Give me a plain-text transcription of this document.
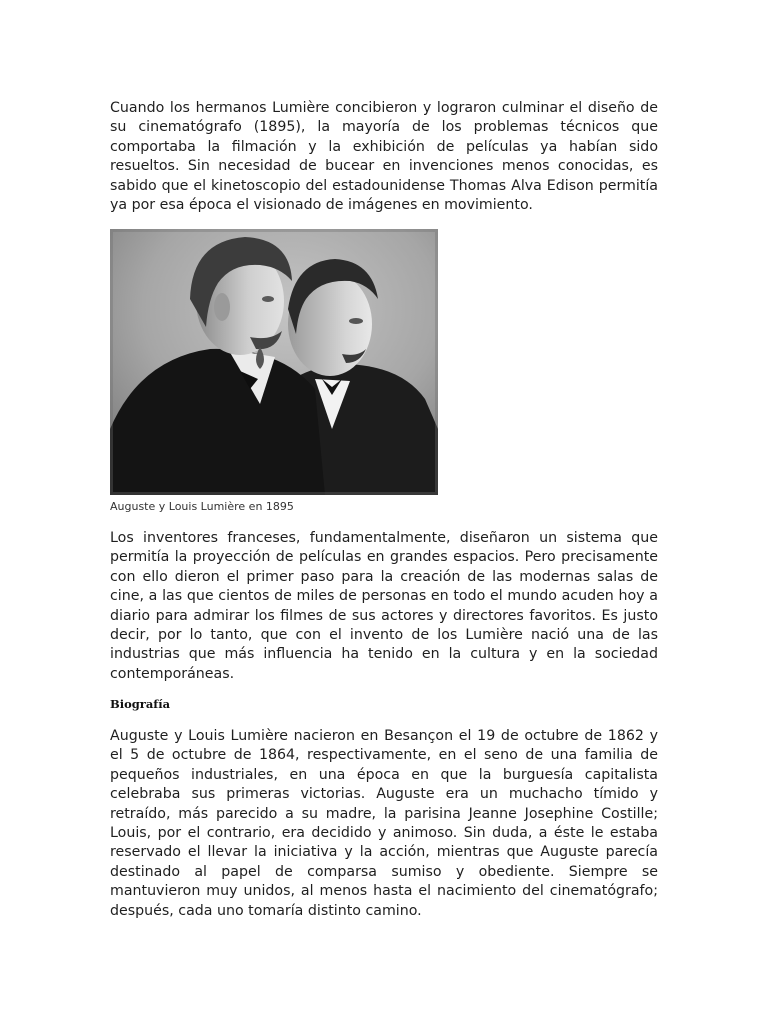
Cuando los hermanos Lumière concibieron y lograron culminar el diseño de su cinematógrafo (1895), la mayoría de los problemas técnicos que comportaba la filmación y la exhibición de películas ya habían sido resueltos. Sin necesidad de bucear en invenciones menos conocidas, es sabido que el kinetoscopio del estadounidense Thomas Alva Edison permitía ya por esa época el visionado de imágenes en movimiento.

Auguste y Louis Lumière en 1895

Los inventores franceses, fundamentalmente, diseñaron un sistema que permitía la proyección de películas en grandes espacios. Pero precisamente con ello dieron el primer paso para la creación de las modernas salas de cine, a las que cientos de miles de personas en todo el mundo acuden hoy a diario para admirar los filmes de sus actores y directores favoritos. Es justo decir, por lo tanto, que con el invento de los Lumière nació una de las industrias que más influencia ha tenido en la cultura y en la sociedad contemporáneas.

Biografía

Auguste y Louis Lumière nacieron en Besançon el 19 de octubre de 1862 y el 5 de octubre de 1864, respectivamente, en el seno de una familia de pequeños industriales, en una época en que la burguesía capitalista celebraba sus primeras victorias. Auguste era un muchacho tímido y retraído, más parecido a su madre, la parisina Jeanne Josephine Costille; Louis, por el contrario, era decidido y animoso. Sin duda, a éste le estaba reservado el llevar la iniciativa y la acción, mientras que Auguste parecía destinado al papel de comparsa sumiso y obediente. Siempre se mantuvieron muy unidos, al menos hasta el nacimiento del cinematógrafo; después, cada uno tomaría distinto camino.
